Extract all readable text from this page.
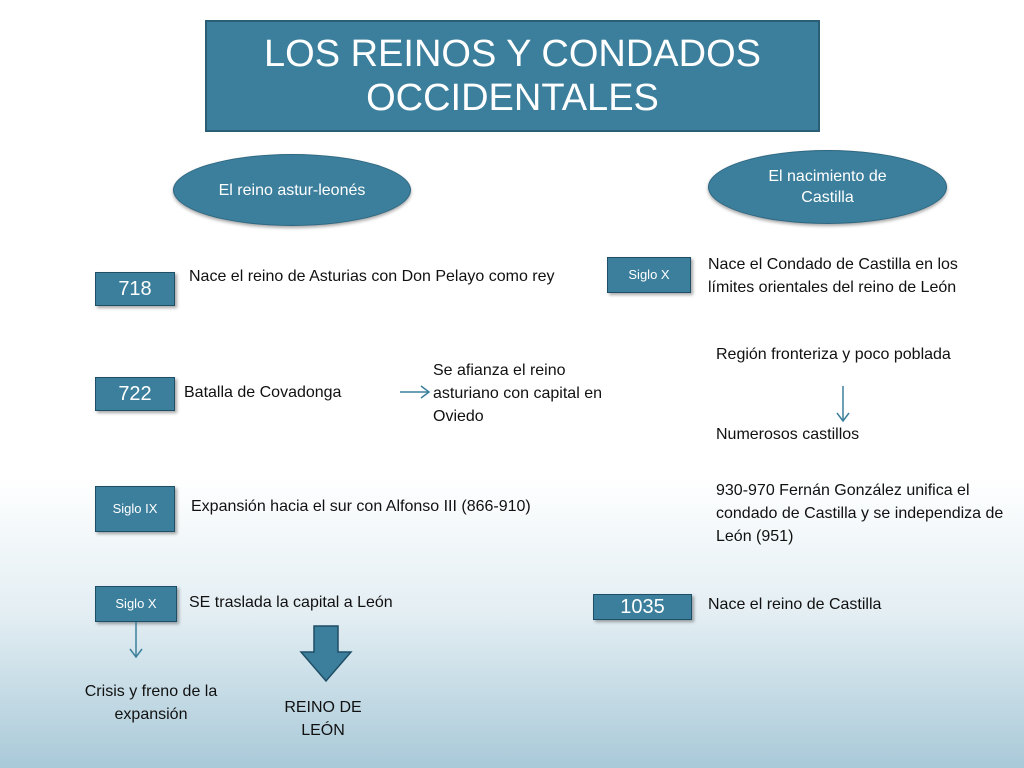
LOS REINOS Y CONDADOS OCCIDENTALES
El reino astur-leonés
El nacimiento de Castilla
718
Nace el reino de Asturias con Don Pelayo como rey
722 Batalla de Covadonga
Se afianza el reino asturiano con capital en Oviedo
Siglo IX Expansión hacia el sur con Alfonso III (866-910)
Siglo X SE traslada la capital a León
Crisis y freno de la expansión	REINO DE LEÓN
Siglo X
Nace el Condado de Castilla en los límites orientales del reino de León
Región fronteriza y poco poblada
Numerosos castillos
930-970 Fernán González unifica el condado de Castilla y se independiza de León (951)
1035	Nace el reino de Castilla
